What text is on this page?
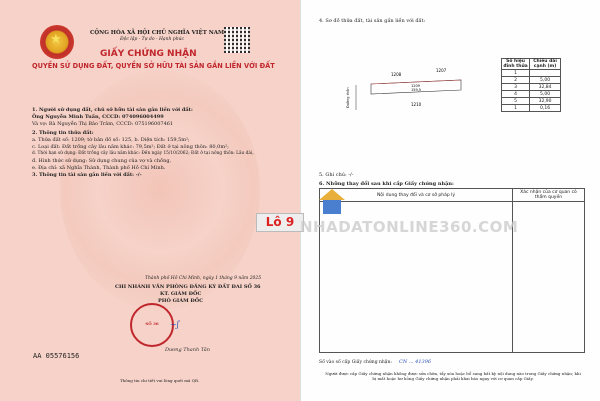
★	CỘNG HÒA XÃ HỘI CHỦ NGHĨA VIỆT NAM
Độc lập - Tự do - Hạnh phúc
GIẤY CHỨNG NHẬN
QUYỀN SỬ DỤNG ĐẤT, QUYỀN SỞ HỮU TÀI SẢN GẮN LIỀN VỚI ĐẤT
1. Người sử dụng đất, chủ sở hữu tài sản gắn liền với đất:
Ông Nguyễn Minh Tuấn, CCCD: 074096004499
Và vợ: Bà Nguyễn Thị Bảo Trâm, CCCD: 075196007461
2. Thông tin thửa đất:
a. Thửa đất số: 1209; tờ bản đồ số: 125, b. Diện tích: 159,5m²;
c. Loại đất: Đất trồng cây lâu năm khác: 79,5m²; Đất ở tại nông thôn: 80,0m²;
d. Thời hạn sử dụng: Đất trồng cây lâu năm khác: Đến ngày 15/10/2062; Đất ở tại nông thôn: Lâu dài,
đ. Hình thức sử dụng: Sử dụng chung của vợ và chồng,
e. Địa chỉ: xã Nghĩa Thành, Thành phố Hồ Chí Minh.
3. Thông tin tài sản gắn liền với đất: -/-
Thành phố Hồ Chí Minh, ngày 1 tháng 9 năm 2025
CHI NHÁNH VĂN PHÒNG ĐĂNG KÝ ĐẤT ĐAI SỐ 36
KT. GIÁM ĐỐC
PHÓ GIÁM ĐỐC
SỐ 36	~ʃ
Dương Thanh Tân
AA 05576156
Thông tin chi tiết vui lòng quét mã QR.
4. Sơ đồ thửa đất, tài sản gắn liền với đất:
1208
1207
1210
1209
159,5
Đường thôn
Số hiệu đỉnh thửa	Chiều dài cạnh (m)
1	
2	5,00
3	32,84
4	5,00
5	32,90
1	0,16
5. Ghi chú: -/-
6. Những thay đổi sau khi cấp Giấy chứng nhận:
Nội dung thay đổi và cơ sở pháp lý	Xác nhận của cơ quan có thẩm quyền

Số vào số cấp Giấy chứng nhận: CN ... 41396
Người được cấp Giấy chứng nhận không được sửa chữa, tẩy xóa hoặc bổ sung bất kỳ nội dung nào trong Giấy chứng nhận; khi bị mất hoặc hư hỏng Giấy chứng nhận phải khai báo ngay với cơ quan cấp Giấy.
Lô 9 NHADATONLINE360.COM
